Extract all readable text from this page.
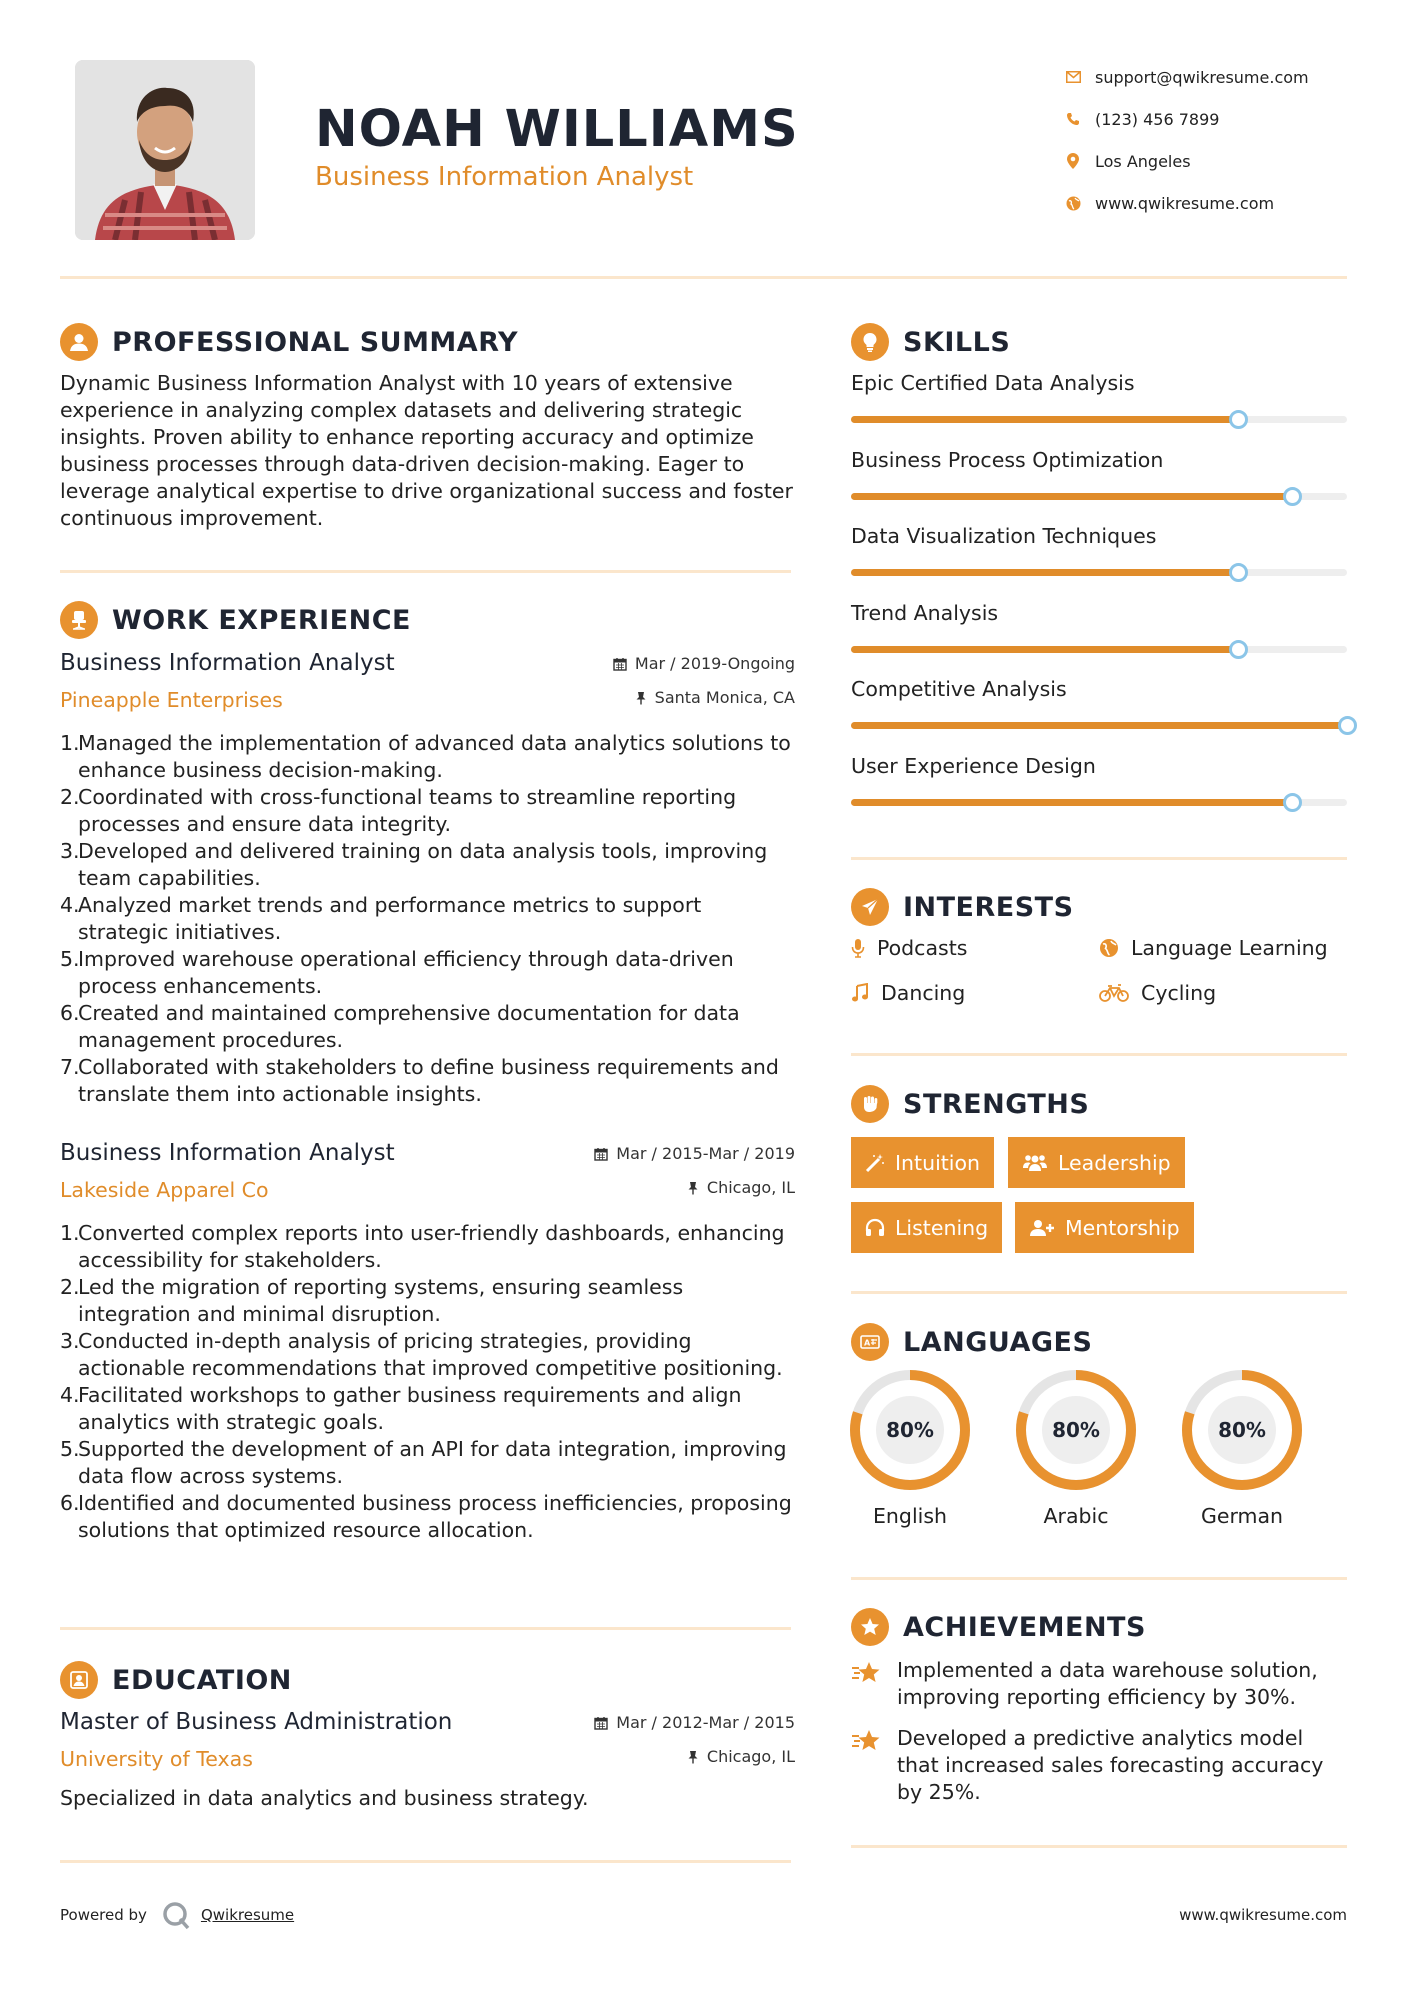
NOAH WILLIAMS
Business Information Analyst
support@qwikresume.com
(123) 456 7899
Los Angeles
www.qwikresume.com
PROFESSIONAL SUMMARY
Dynamic Business Information Analyst with 10 years of extensive experience in analyzing complex datasets and delivering strategic insights. Proven ability to enhance reporting accuracy and optimize business processes through data-driven decision-making. Eager to leverage analytical expertise to drive organizational success and foster continuous improvement.
WORK EXPERIENCE
Business Information Analyst
Pineapple Enterprises
Mar / 2019-Ongoing
Santa Monica, CA
1.
Managed the implementation of advanced data analytics solutions to enhance business decision-making.
2.
Coordinated with cross-functional teams to streamline reporting processes and ensure data integrity.
3.
Developed and delivered training on data analysis tools, improving team capabilities.
4.
Analyzed market trends and performance metrics to support strategic initiatives.
5.
Improved warehouse operational efficiency through data-driven process enhancements.
6.
Created and maintained comprehensive documentation for data management procedures.
7.
Collaborated with stakeholders to define business requirements and translate them into actionable insights.
Business Information Analyst
Lakeside Apparel Co
Mar / 2015-Mar / 2019
Chicago, IL
1.
Converted complex reports into user-friendly dashboards, enhancing accessibility for stakeholders.
2.
Led the migration of reporting systems, ensuring seamless integration and minimal disruption.
3.
Conducted in-depth analysis of pricing strategies, providing actionable recommendations that improved competitive positioning.
4.
Facilitated workshops to gather business requirements and align analytics with strategic goals.
5.
Supported the development of an API for data integration, improving data flow across systems.
6.
Identified and documented business process inefficiencies, proposing solutions that optimized resource allocation.
EDUCATION
Master of Business Administration
University of Texas
Mar / 2012-Mar / 2015
Chicago, IL
Specialized in data analytics and business strategy.
SKILLS
Epic Certified Data Analysis
Business Process Optimization
Data Visualization Techniques
Trend Analysis
Competitive Analysis
User Experience Design
INTERESTS
Podcasts	Language Learning
Dancing	Cycling
STRENGTHS
Intuition	Leadership
Listening	Mentorship
A LANGUAGES
80%
English
80%
Arabic
80%
German
ACHIEVEMENTS
Implemented a data warehouse solution, improving reporting efficiency by 30%.
Developed a predictive analytics model that increased sales forecasting accuracy by 25%.
Powered by	Qwikresume	www.qwikresume.com
